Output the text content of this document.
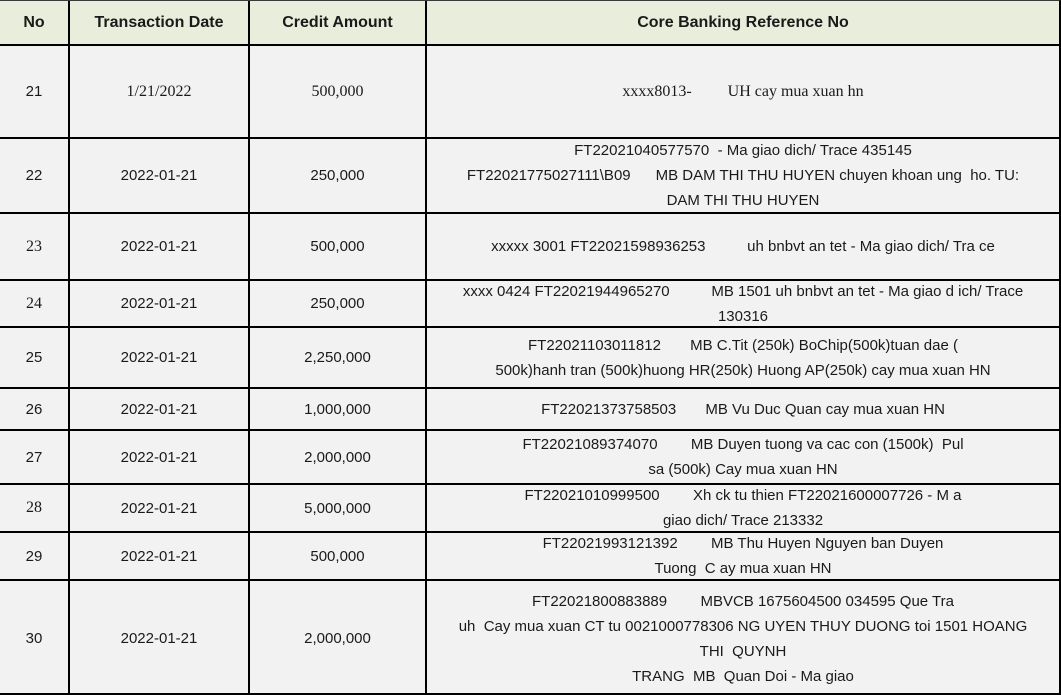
No	Transaction Date	Credit Amount	Core Banking Reference No
21	1/21/2022	500,000	xxxx8013-         UH cay mua xuan hn
22	2022-01-21	250,000
FT22021040577570  - Ma giao dich/ Trace 435145
FT22021775027111\B09      MB DAM THI THU HUYEN chuyen khoan ung  ho. TU:
DAM THI THU HUYEN
23	2022-01-21	500,000	xxxxx 3001 FT22021598936253          uh bnbvt an tet - Ma giao dich/ Tra ce
24	2022-01-21	250,000
xxxx 0424 FT22021944965270          MB 1501 uh bnbvt an tet - Ma giao d ich/ Trace
130316
25	2022-01-21	2,250,000
FT22021103011812       MB C.Tit (250k) BoChip(500k)tuan dae (
500k)hanh tran (500k)huong HR(250k) Huong AP(250k) cay mua xuan HN
26	2022-01-21	1,000,000	FT22021373758503       MB Vu Duc Quan cay mua xuan HN
27	2022-01-21	2,000,000
FT22021089374070        MB Duyen tuong va cac con (1500k)  Pul
sa (500k) Cay mua xuan HN
28	2022-01-21	5,000,000
FT22021010999500        Xh ck tu thien FT22021600007726 - M a
giao dich/ Trace 213332
29	2022-01-21	500,000
FT22021993121392        MB Thu Huyen Nguyen ban Duyen
Tuong  C ay mua xuan HN
30	2022-01-21	2,000,000
FT22021800883889        MBVCB 1675604500 034595 Que Tra
uh  Cay mua xuan CT tu 0021000778306 NG UYEN THUY DUONG toi 1501 HOANG
THI  QUYNH
TRANG  MB  Quan Doi - Ma giao
